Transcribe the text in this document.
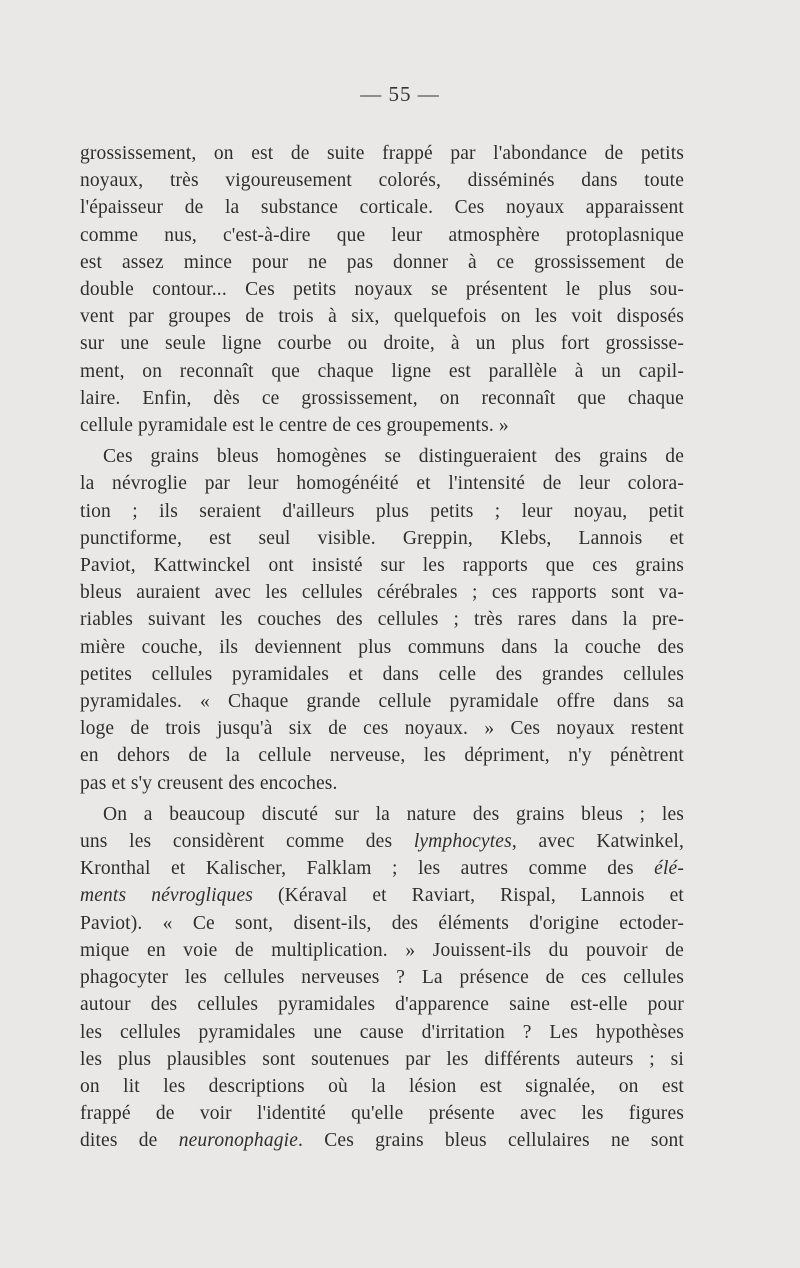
— 55 —

grossissement, on est de suite frappé par l'abondance de petits
noyaux, très vigoureusement colorés, disséminés dans toute
l'épaisseur de la substance corticale. Ces noyaux apparaissent
comme nus, c'est-à-dire que leur atmosphère protoplasnique
est assez mince pour ne pas donner à ce grossissement de
double contour... Ces petits noyaux se présentent le plus sou-
vent par groupes de trois à six, quelquefois on les voit disposés
sur une seule ligne courbe ou droite, à un plus fort grossisse-
ment, on reconnaît que chaque ligne est parallèle à un capil-
laire. Enfin, dès ce grossissement, on reconnaît que chaque
cellule pyramidale est le centre de ces groupements. »

Ces grains bleus homogènes se distingueraient des grains de
la névroglie par leur homogénéité et l'intensité de leur colora-
tion ; ils seraient d'ailleurs plus petits ; leur noyau, petit
punctiforme, est seul visible. Greppin, Klebs, Lannois et
Paviot, Kattwinckel ont insisté sur les rapports que ces grains
bleus auraient avec les cellules cérébrales ; ces rapports sont va-
riables suivant les couches des cellules ; très rares dans la pre-
mière couche, ils deviennent plus communs dans la couche des
petites cellules pyramidales et dans celle des grandes cellules
pyramidales. « Chaque grande cellule pyramidale offre dans sa
loge de trois jusqu'à six de ces noyaux. » Ces noyaux restent
en dehors de la cellule nerveuse, les dépriment, n'y pénètrent
pas et s'y creusent des encoches.

On a beaucoup discuté sur la nature des grains bleus ; les
uns les considèrent comme des lymphocytes, avec Katwinkel,
Kronthal et Kalischer, Falklam ; les autres comme des élé-
ments névrogliques (Kéraval et Raviart, Rispal, Lannois et
Paviot). « Ce sont, disent-ils, des éléments d'origine ectoder-
mique en voie de multiplication. » Jouissent-ils du pouvoir de
phagocyter les cellules nerveuses ? La présence de ces cellules
autour des cellules pyramidales d'apparence saine est-elle pour
les cellules pyramidales une cause d'irritation ? Les hypothèses
les plus plausibles sont soutenues par les différents auteurs ; si
on lit les descriptions où la lésion est signalée, on est
frappé de voir l'identité qu'elle présente avec les figures
dites de neuronophagie. Ces grains bleus cellulaires ne sont
